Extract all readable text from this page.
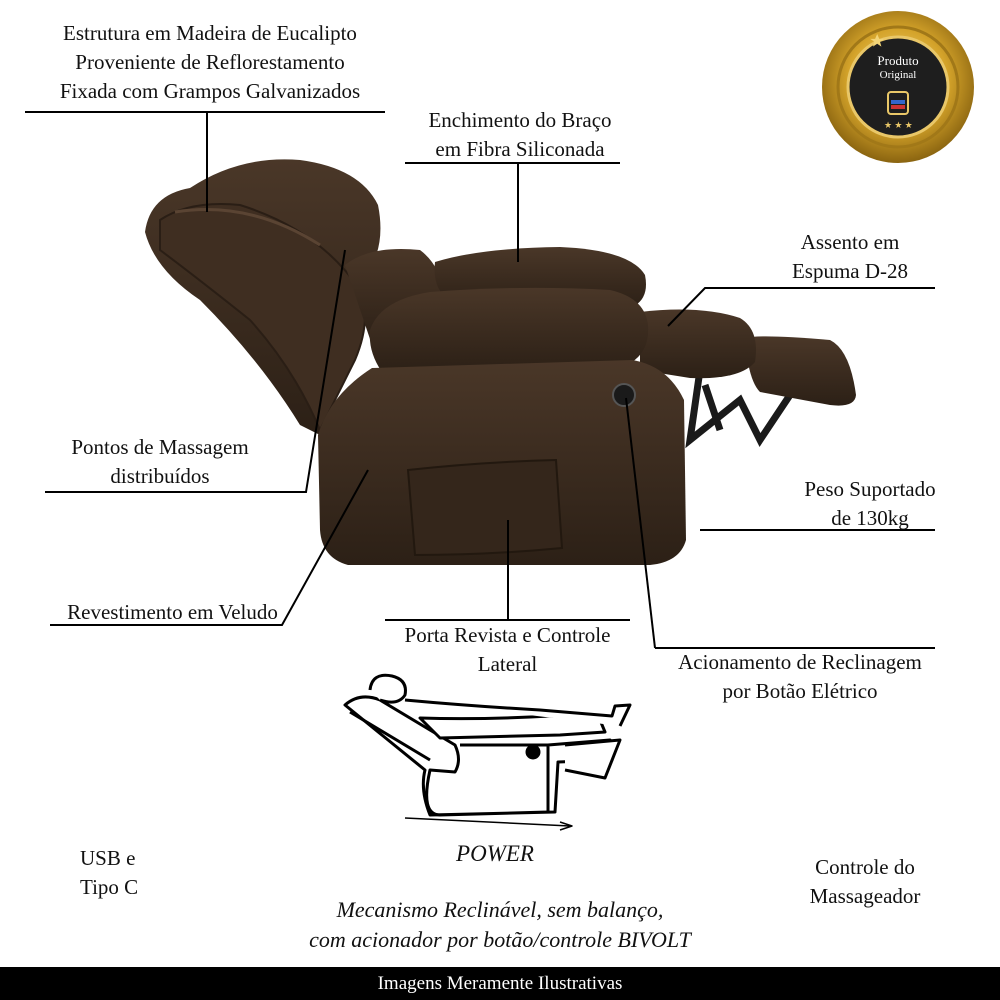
★ ★ ★
Estrutura em Madeira de Eucalipto
Proveniente de Reflorestamento
Fixada com Grampos Galvanizados
Enchimento do Braço
em Fibra Siliconada
Assento em
Espuma D-28
Pontos de Massagem
distribuídos
Peso Suportado
de 130kg
Revestimento em Veludo
Porta Revista e Controle
Lateral	Acionamento de Reclinagem
por Botão Elétrico
Produto
Original
POWER
USB e
Tipo C
Controle do
Massageador
Mecanismo Reclinável, sem balanço,
com acionador por botão/controle BIVOLT
Imagens Meramente Ilustrativas
